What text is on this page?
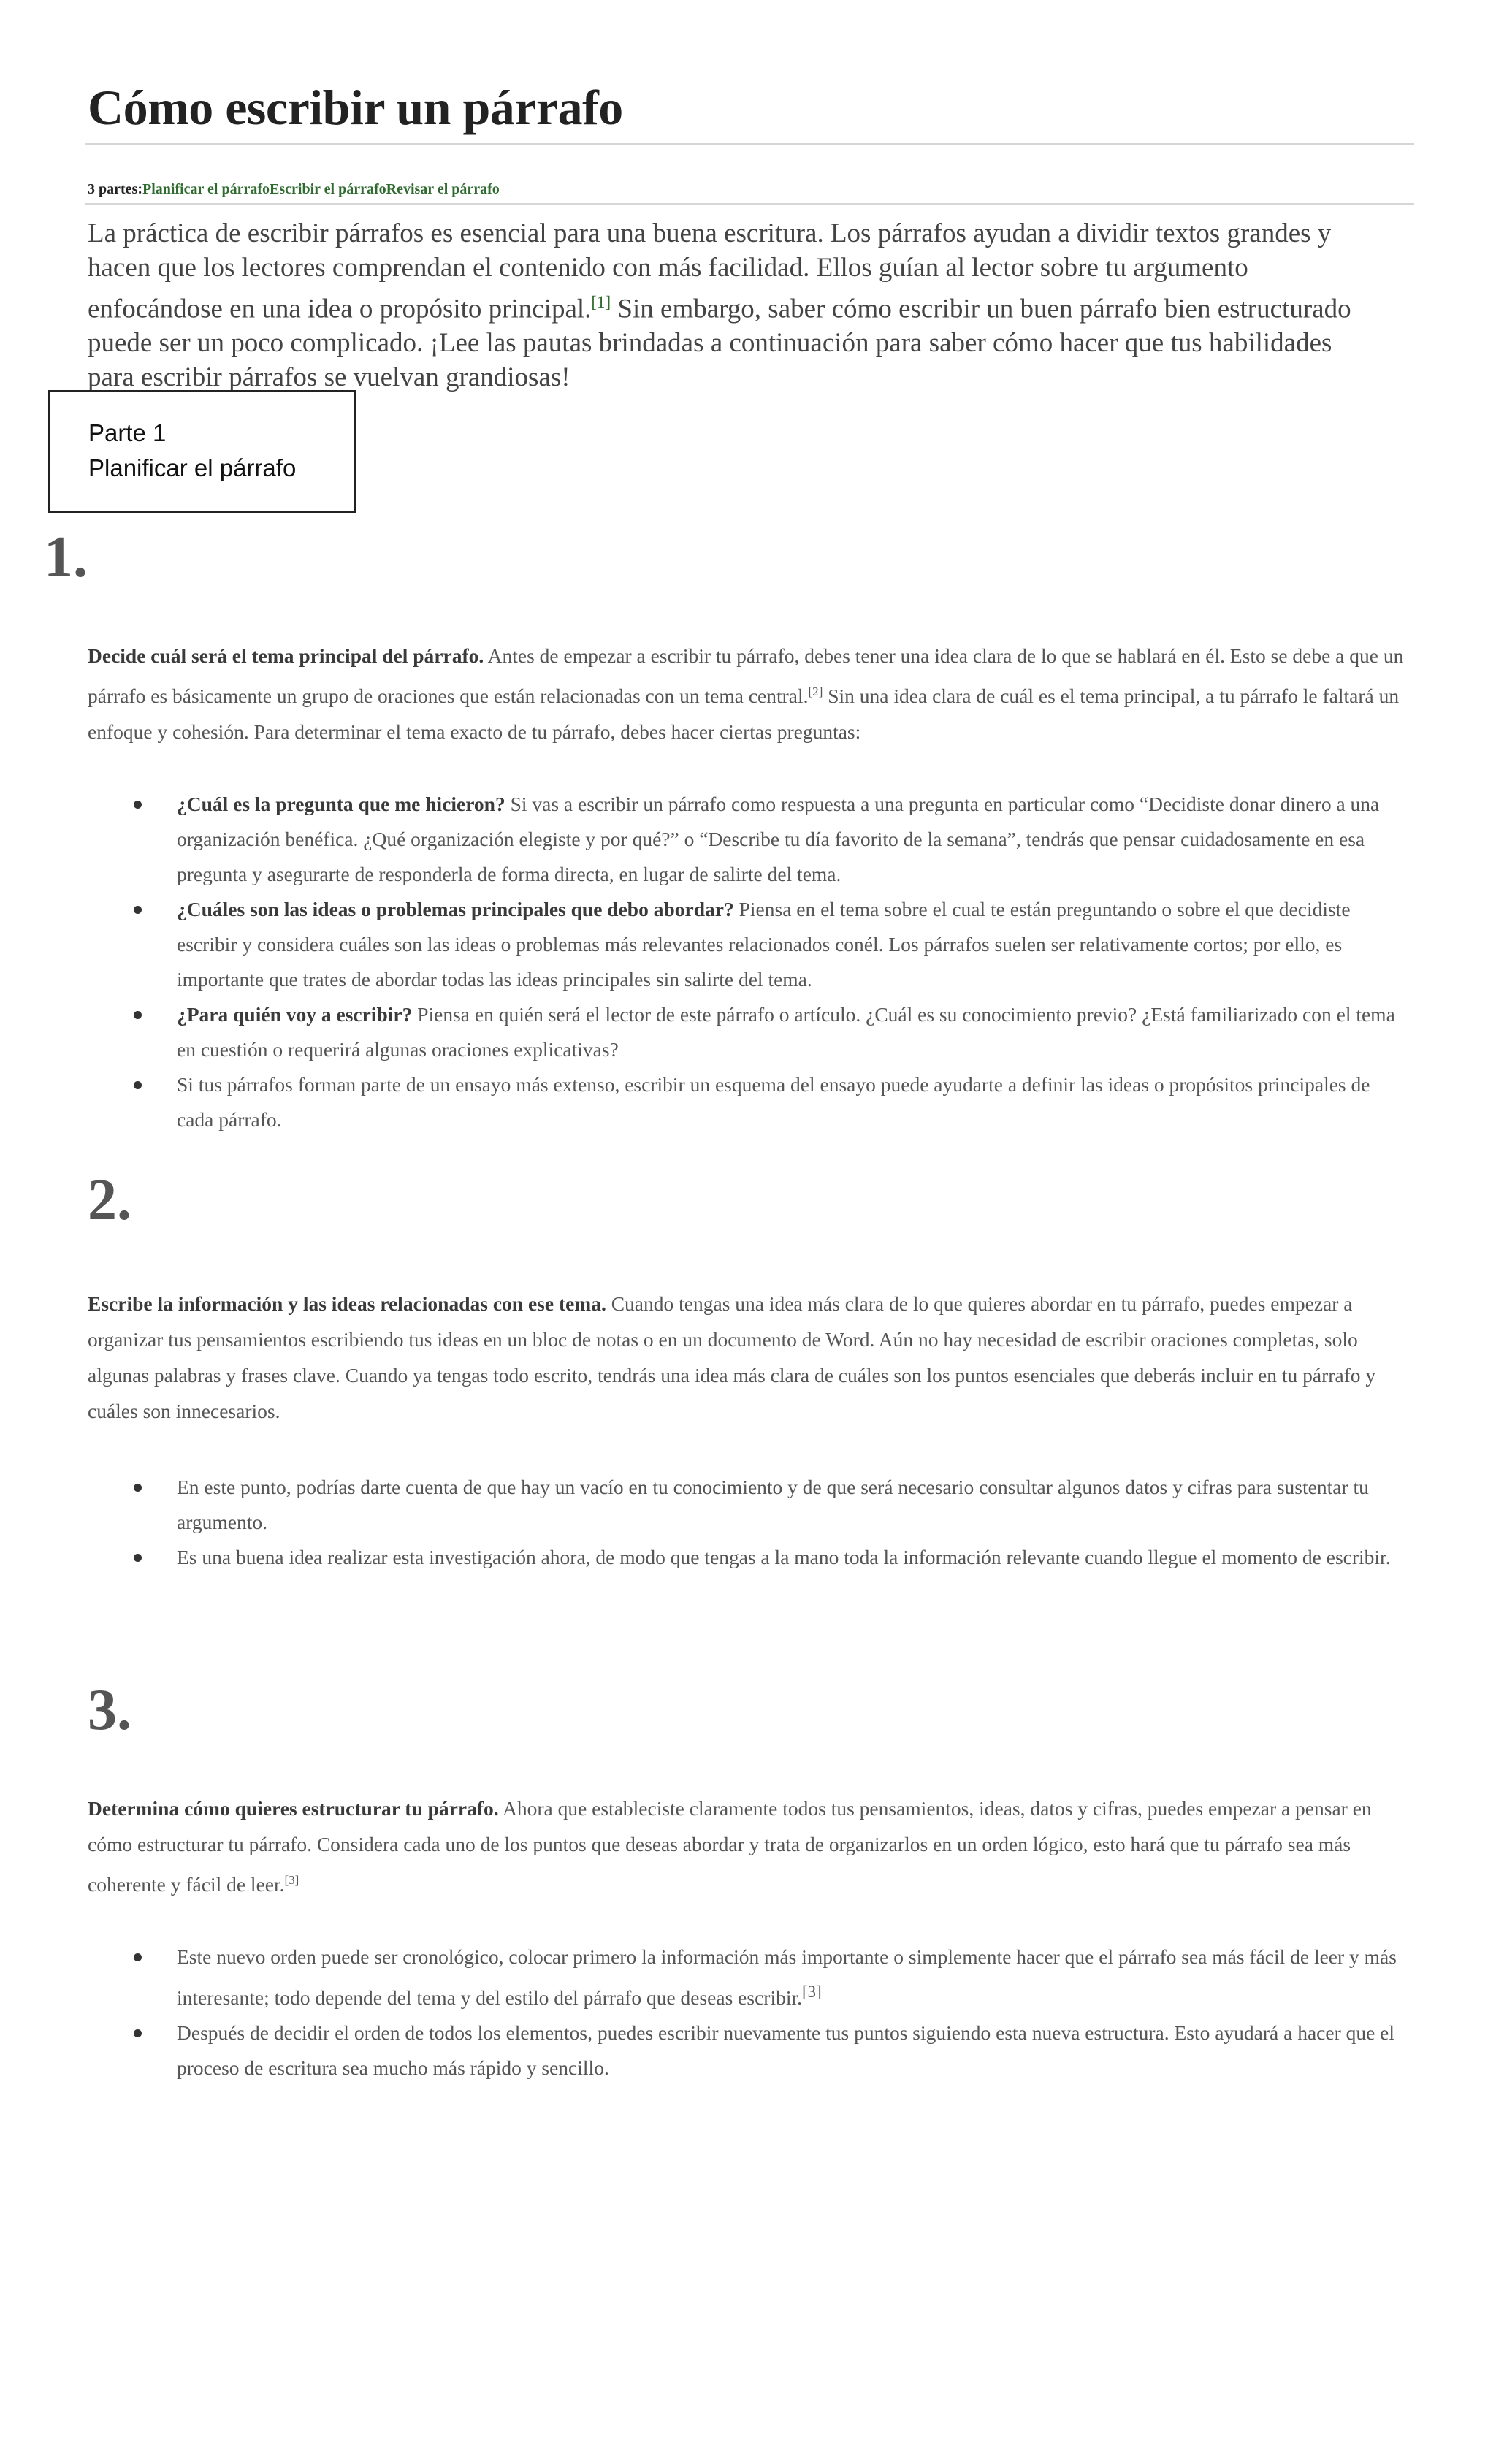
Cómo escribir un párrafo
3 partes:Planificar el párrafoEscribir el párrafoRevisar el párrafo

La práctica de escribir párrafos es esencial para una buena escritura. Los párrafos ayudan a dividir textos grandes y hacen que los lectores comprendan el contenido con más facilidad. Ellos guían al lector sobre tu argumento enfocándose en una idea o propósito principal.[1] Sin embargo, saber cómo escribir un buen párrafo bien estructurado puede ser un poco complicado. ¡Lee las pautas brindadas a continuación para saber cómo hacer que tus habilidades para escribir párrafos se vuelvan grandiosas!

Parte 1
Planificar el párrafo
1.

Decide cuál será el tema principal del párrafo. Antes de empezar a escribir tu párrafo, debes tener una idea clara de lo que se hablará en él. Esto se debe a que un párrafo es básicamente un grupo de oraciones que están relacionadas con un tema central.[2] Sin una idea clara de cuál es el tema principal, a tu párrafo le faltará un enfoque y cohesión. Para determinar el tema exacto de tu párrafo, debes hacer ciertas preguntas:

¿Cuál es la pregunta que me hicieron? Si vas a escribir un párrafo como respuesta a una pregunta en particular como “Decidiste donar dinero a una organización benéfica. ¿Qué organización elegiste y por qué?” o “Describe tu día favorito de la semana”, tendrás que pensar cuidadosamente en esa pregunta y asegurarte de responderla de forma directa, en lugar de salirte del tema.
¿Cuáles son las ideas o problemas principales que debo abordar? Piensa en el tema sobre el cual te están preguntando o sobre el que decidiste escribir y considera cuáles son las ideas o problemas más relevantes relacionados conél. Los párrafos suelen ser relativamente cortos; por ello, es importante que trates de abordar todas las ideas principales sin salirte del tema.
¿Para quién voy a escribir? Piensa en quién será el lector de este párrafo o artículo. ¿Cuál es su conocimiento previo? ¿Está familiarizado con el tema en cuestión o requerirá algunas oraciones explicativas?
Si tus párrafos forman parte de un ensayo más extenso, escribir un esquema del ensayo puede ayudarte a definir las ideas o propósitos principales de cada párrafo.
2.

Escribe la información y las ideas relacionadas con ese tema. Cuando tengas una idea más clara de lo que quieres abordar en tu párrafo, puedes empezar a organizar tus pensamientos escribiendo tus ideas en un bloc de notas o en un documento de Word. Aún no hay necesidad de escribir oraciones completas, solo algunas palabras y frases clave. Cuando ya tengas todo escrito, tendrás una idea más clara de cuáles son los puntos esenciales que deberás incluir en tu párrafo y cuáles son innecesarios.

En este punto, podrías darte cuenta de que hay un vacío en tu conocimiento y de que será necesario consultar algunos datos y cifras para sustentar tu argumento.
Es una buena idea realizar esta investigación ahora, de modo que tengas a la mano toda la información relevante cuando llegue el momento de escribir.
3.

Determina cómo quieres estructurar tu párrafo. Ahora que estableciste claramente todos tus pensamientos, ideas, datos y cifras, puedes empezar a pensar en cómo estructurar tu párrafo. Considera cada uno de los puntos que deseas abordar y trata de organizarlos en un orden lógico, esto hará que tu párrafo sea más coherente y fácil de leer.[3]

Este nuevo orden puede ser cronológico, colocar primero la información más importante o simplemente hacer que el párrafo sea más fácil de leer y más interesante; todo depende del tema y del estilo del párrafo que deseas escribir.[3]
Después de decidir el orden de todos los elementos, puedes escribir nuevamente tus puntos siguiendo esta nueva estructura. Esto ayudará a hacer que el proceso de escritura sea mucho más rápido y sencillo.
